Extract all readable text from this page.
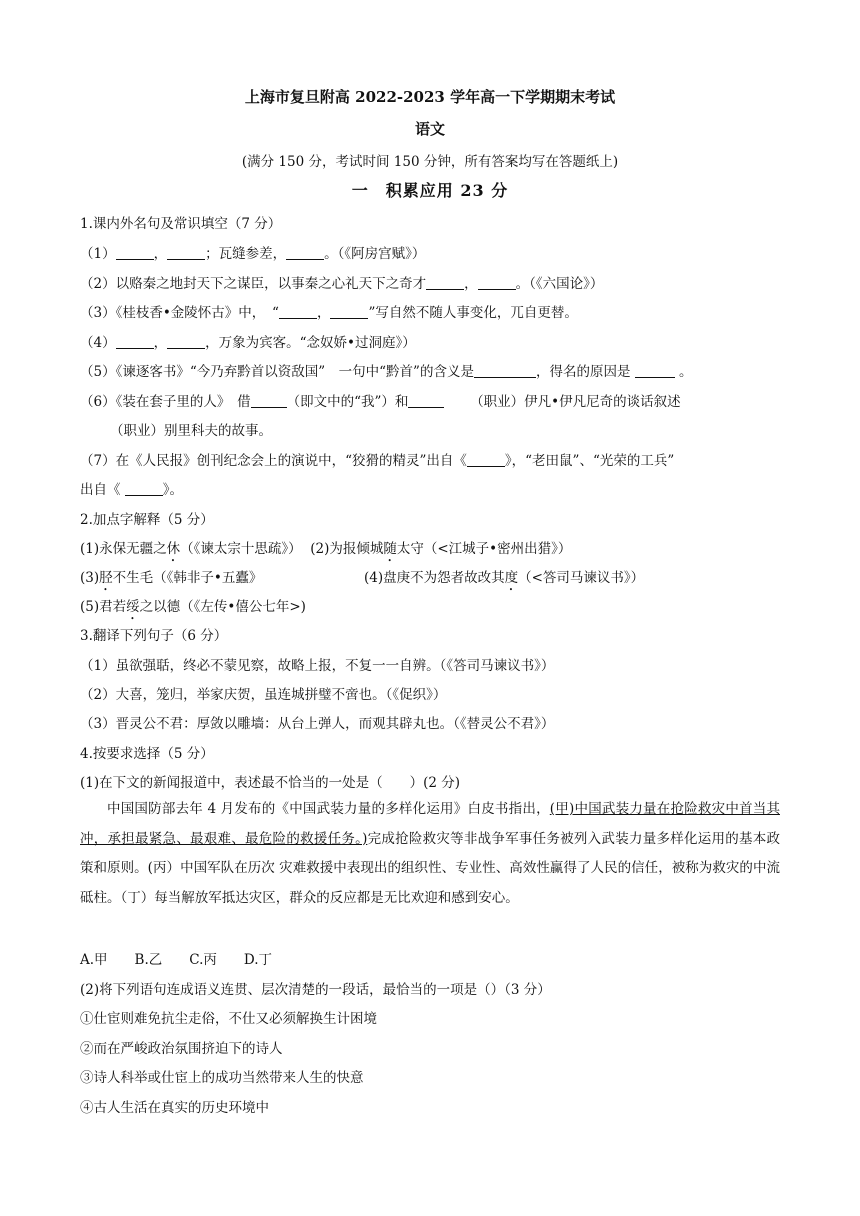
上海市复旦附高 2022-2023 学年高一下学期期末考试
语文
(满分 150 分，考试时间 150 分钟，所有答案均写在答题纸上)
一　积累应用 23 分
1.课内外名句及常识填空（7 分）
（1）	，	；瓦缝参差，	。（《阿房宫赋》）
（2）以赂秦之地封天下之谋臣，以事秦之心礼天下之奇才	，	。（《六国论》）
（3）《桂枝香•金陵怀古》中，　“	，	”写自然不随人事变化，兀自更替。
（4）	，	，万象为宾客。“念奴娇•过洞庭》）
（5）《谏逐客书》“今乃弃黔首以资敌国”　一句中“黔首”的含义是	，得名的原因是	。
（6）《装在套子里的人》　借	（即文中的“我”）和	（职业）伊凡•伊凡尼奇的谈话叙述
（职业）别里科夫的故事。
（7）在《人民报》创刊纪念会上的演说中，“狡猾的精灵”出自《	》，“老田鼠”、“光荣的工兵”
出自《	》。
2.加点字解释（5 分）
(1)永保无疆之休（《谏太宗十思疏》） (2)为报倾城随太守（<江城子•密州出猎》）
(3)胫不生毛（《韩非子•五蠹》	(4)盘庚不为怨者故改其度（<答司马谏议书》）
(5)君若绥之以德（《左传•僖公七年>)
3.翻译下列句子（6 分）
（1）虽欲强聒，终必不蒙见察，故略上报，不复一一自辨。（《答司马谏议书》）
（2）大喜，笼归，举家庆贺，虽连城拼璧不啻也。（《促织》）
（3）晋灵公不君：厚敛以雕墙：从台上弹人，而观其辟丸也。（《替灵公不君》）
4.按要求选择（5 分）
(1)在下文的新闻报道中，表述最不恰当的一处是（　　）(2 分)
中国国防部去年 4 月发布的《中国武装力量的多样化运用》白皮书指出，(甲)中国武装力量在抢险救灾中首当其冲，承担最紧急、最艰难、最危险的救援任务。)完成抢险救灾等非战争军事任务被列入武装力量多样化运用的基本政策和原则。(丙）中国军队在历次 灾难救援中表现出的组织性、专业性、高效性赢得了人民的信任，被称为救灾的中流砥柱。（丁）每当解放军抵达灾区，群众的反应都是无比欢迎和感到安心。
A.甲　　B.乙　　C.丙　　D.丁
(2)将下列语句连成语义连贯、层次清楚的一段话，最恰当的一项是（）（3 分）
①仕宦则难免抗尘走俗，不仕又必须解换生计困境
②而在严峻政治氛围挤迫下的诗人
③诗人科举或仕宦上的成功当然带来人生的快意
④古人生活在真实的历史环境中
